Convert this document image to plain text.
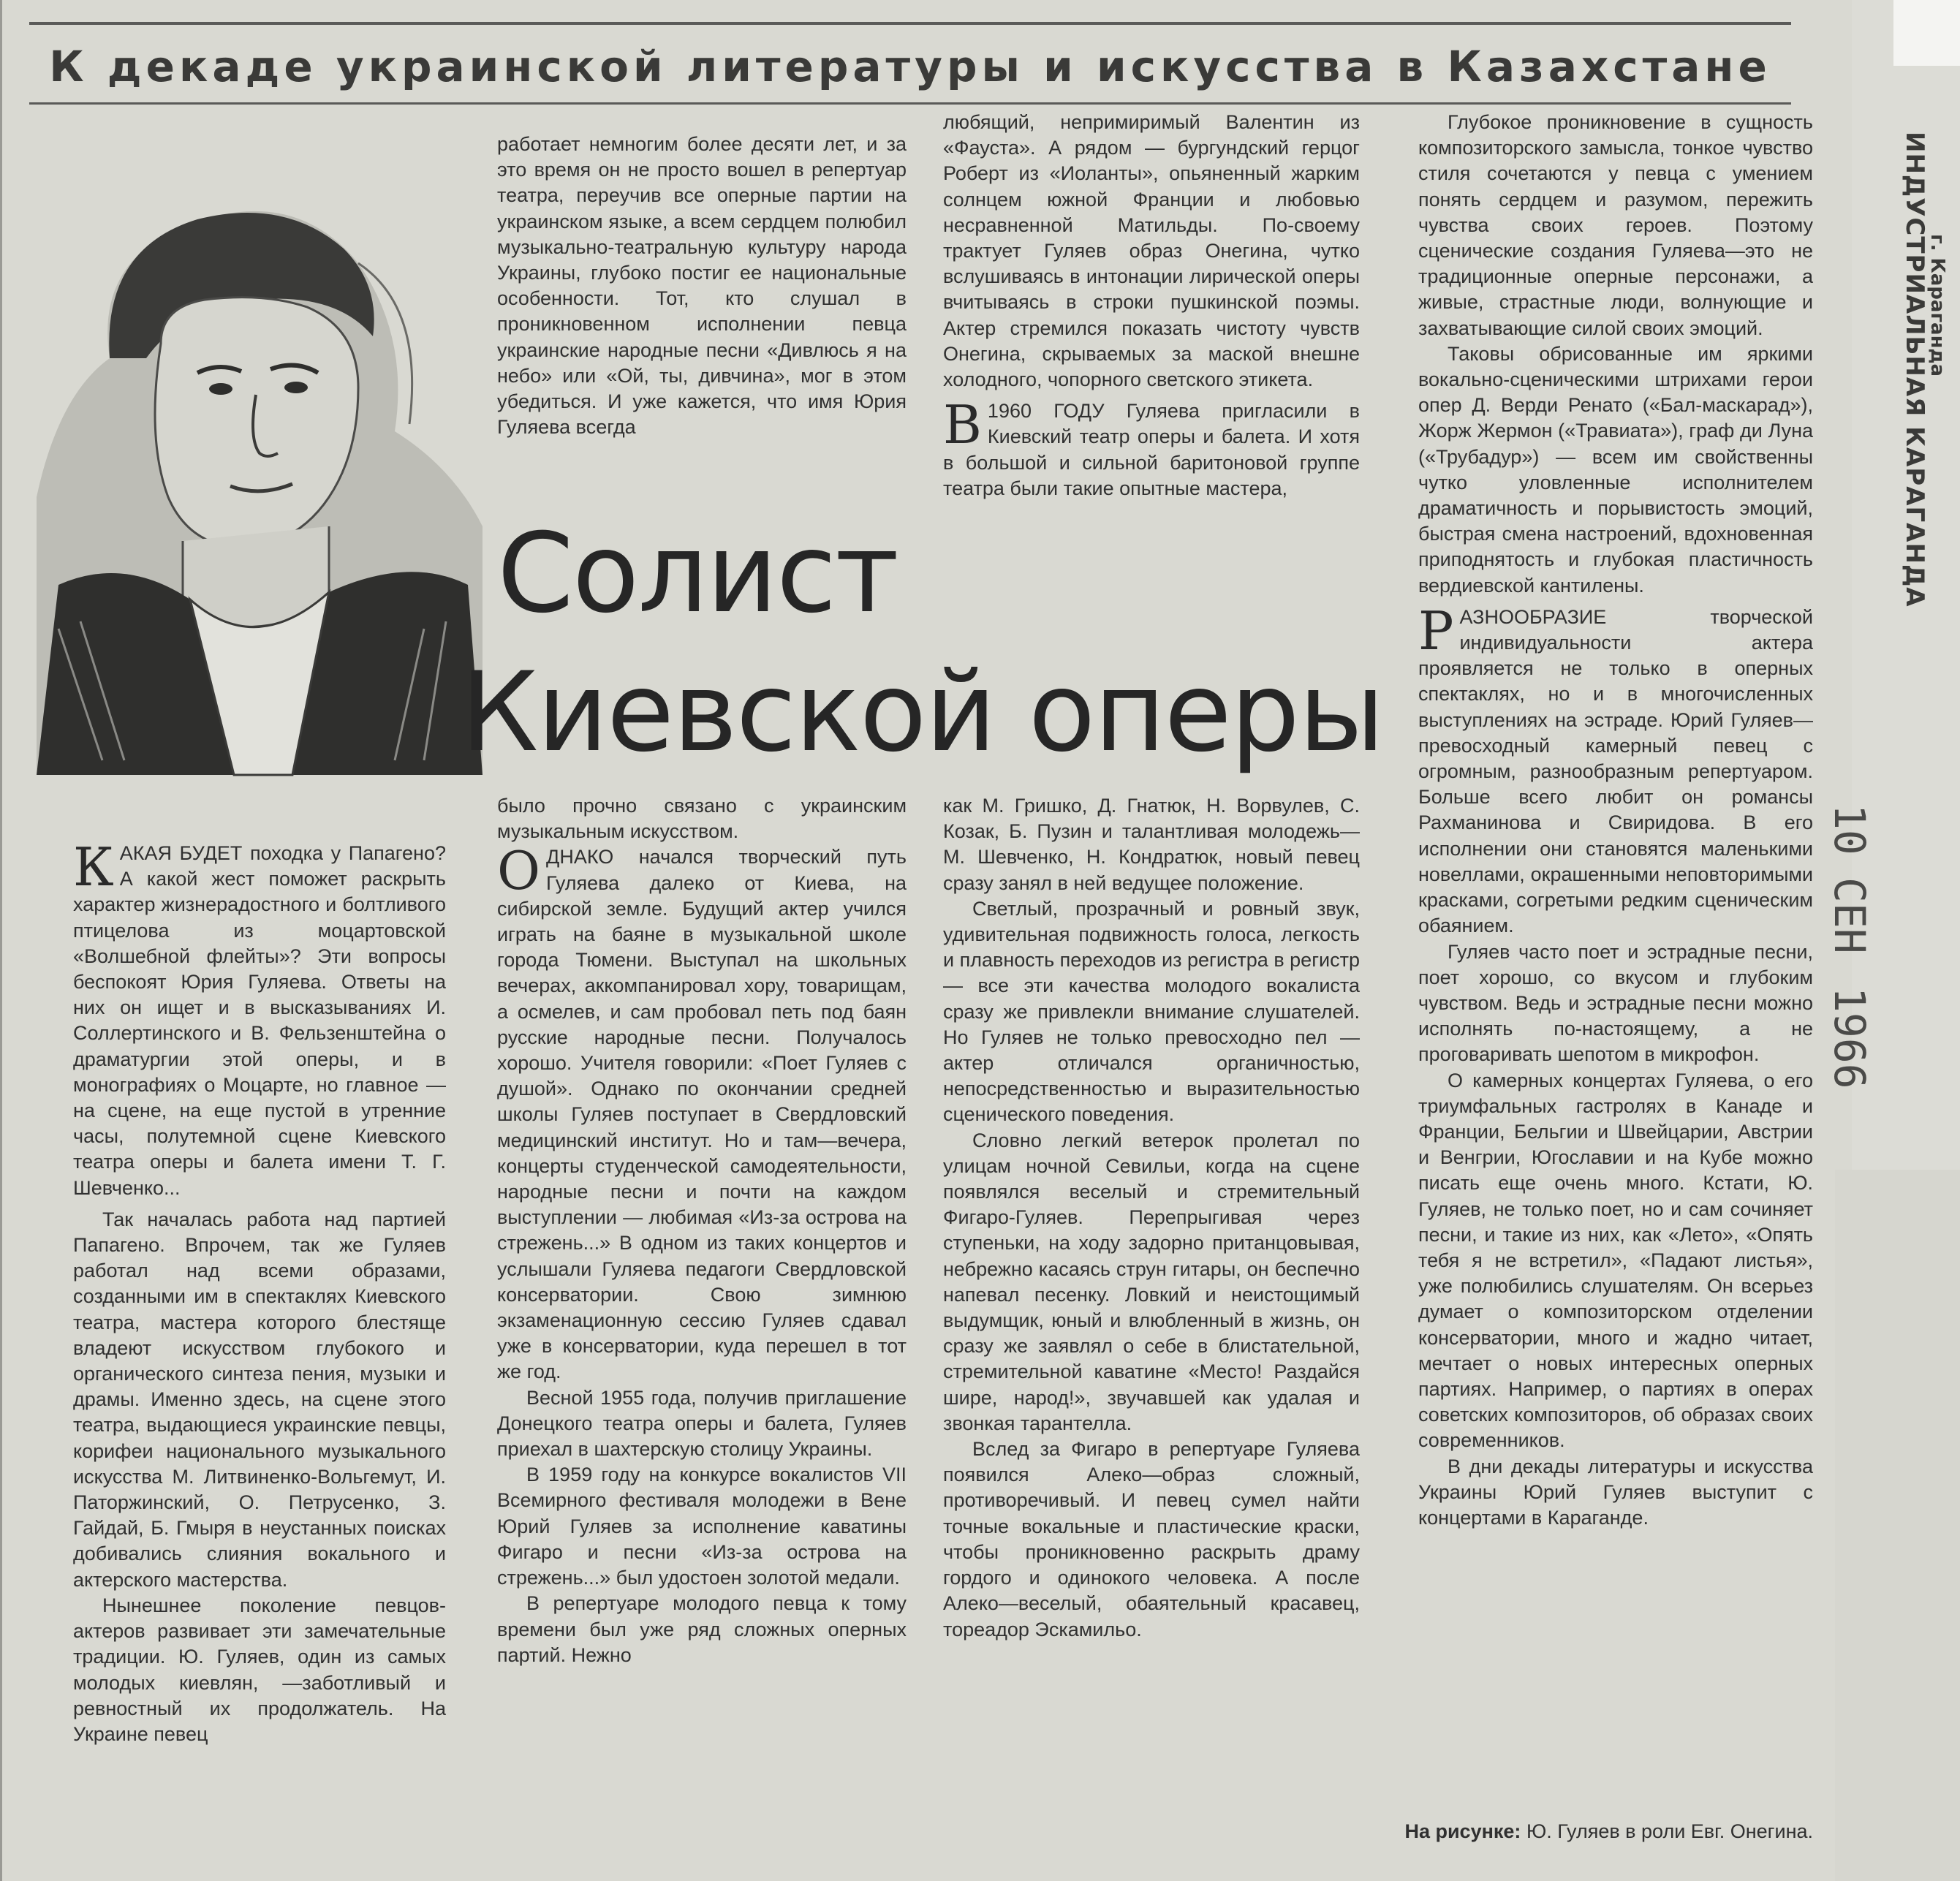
К декаде украинской литературы и искусства в Казахстане
Солист
Киевской оперы

КАКАЯ БУДЕТ походка у Папагено? А какой жест поможет раскрыть характер жизнерадостного и болтливого птицелова из моцартовской «Волшебной флейты»? Эти вопросы беспокоят Юрия Гуляева. Ответы на них он ищет и в высказываниях И. Соллертинского и В. Фельзенштейна о драматургии этой оперы, и в монографиях о Моцарте, но главное — на сцене, на еще пустой в утренние часы, полутемной сцене Киевского театра оперы и балета имени Т. Г. Шевченко...

Так началась работа над партией Папагено. Впрочем, так же Гуляев работал над всеми образами, созданными им в спектаклях Киевского театра, мастера которого блестяще владеют искусством глубокого и органического синтеза пения, музыки и драмы. Именно здесь, на сцене этого театра, выдающиеся украинские певцы, корифеи национального музыкального искусства М. Литвиненко-Вольгемут, И. Паторжинский, О. Петрусенко, З. Гайдай, Б. Гмыря в неустанных поисках добивались слияния вокального и актерского мастерства.

Нынешнее поколение певцов-актеров развивает эти замечательные традиции. Ю. Гуляев, один из самых молодых киевлян, —заботливый и ревностный их продолжатель. На Украине певец

работает немногим более десяти лет, и за это время он не просто вошел в репертуар театра, переучив все оперные партии на украинском языке, а всем сердцем полюбил музыкально-театральную культуру народа Украины, глубоко постиг ее национальные особенности. Тот, кто слушал в проникновенном исполнении певца украинские народные песни «Дивлюсь я на небо» или «Ой, ты, дивчина», мог в этом убедиться. И уже кажется, что имя Юрия Гуляева всегда

было прочно связано с украинским музыкальным искусством.

ОДНАКО начался творческий путь Гуляева далеко от Киева, на сибирской земле. Будущий актер учился играть на баяне в музыкальной школе города Тюмени. Выступал на школьных вечерах, аккомпанировал хору, товарищам, а осмелев, и сам пробовал петь под баян русские народные песни. Получалось хорошо. Учителя говорили: «Поет Гуляев с душой». Однако по окончании средней школы Гуляев поступает в Свердловский медицинский институт. Но и там—вечера, концерты студенческой самодеятельности, народные песни и почти на каждом выступлении — любимая «Из-за острова на стрежень...» В одном из таких концертов и услышали Гуляева педагоги Свердловской консерватории. Свою зимнюю экзаменационную сессию Гуляев сдавал уже в консерватории, куда перешел в тот же год.

Весной 1955 года, получив приглашение Донецкого театра оперы и балета, Гуляев приехал в шахтерскую столицу Украины.

В 1959 году на конкурсе вокалистов VII Всемирного фестиваля молодежи в Вене Юрий Гуляев за исполнение каватины Фигаро и песни «Из-за острова на стрежень...» был удостоен золотой медали.

В репертуаре молодого певца к тому времени был уже ряд сложных оперных партий. Нежно

любящий, непримиримый Валентин из «Фауста». А рядом — бургундский герцог Роберт из «Иоланты», опьяненный жарким солнцем южной Франции и любовью несравненной Матильды. По-своему трактует Гуляев образ Онегина, чутко вслушиваясь в интонации лирической оперы вчитываясь в строки пушкинской поэмы. Актер стремился показать чистоту чувств Онегина, скрываемых за маской внешне холодного, чопорного светского этикета.

В 1960 ГОДУ Гуляева пригласили в Киевский театр оперы и балета. И хотя в большой и сильной баритоновой группе театра были такие опытные мастера,

как М. Гришко, Д. Гнатюк, Н. Ворвулев, С. Козак, Б. Пузин и талантливая молодежь—М. Шевченко, Н. Кондратюк, новый певец сразу занял в ней ведущее положение.

Светлый, прозрачный и ровный звук, удивительная подвижность голоса, легкость и плавность переходов из регистра в регистр — все эти качества молодого вокалиста сразу же привлекли внимание слушателей. Но Гуляев не только превосходно пел —актер отличался органичностью, непосредственностью и выразительностью сценического поведения.

Словно легкий ветерок пролетал по улицам ночной Севильи, когда на сцене появлялся веселый и стремительный Фигаро-Гуляев. Перепрыгивая через ступеньки, на ходу задорно пританцовывая, небрежно касаясь струн гитары, он беспечно напевал песенку. Ловкий и неистощимый выдумщик, юный и влюбленный в жизнь, он сразу же заявлял о себе в блистательной, стремительной каватине «Место! Раздайся шире, народ!», звучавшей как удалая и звонкая тарантелла.

Вслед за Фигаро в репертуаре Гуляева появился Алеко—образ сложный, противоречивый. И певец сумел найти точные вокальные и пластические краски, чтобы проникновенно раскрыть драму гордого и одинокого человека. А после Алеко—веселый, обаятельный красавец, тореадор Эскамильо.

Глубокое проникновение в сущность композиторского замысла, тонкое чувство стиля сочетаются у певца с умением понять сердцем и разумом, пережить чувства своих героев. Поэтому сценические создания Гуляева—это не традиционные оперные персонажи, а живые, страстные люди, волнующие и захватывающие силой своих эмоций.

Таковы обрисованные им яркими вокально-сценическими штрихами герои опер Д. Верди Ренато («Бал-маскарад»), Жорж Жермон («Травиата»), граф ди Луна («Трубадур») — всем им свойственны чутко уловленные исполнителем драматичность и порывистость эмоций, быстрая смена настроений, вдохновенная приподнятость и глубокая пластичность вердиевской кантилены.

РАЗНООБРАЗИЕ творческой индивидуальности актера проявляется не только в оперных спектаклях, но и в многочисленных выступлениях на эстраде. Юрий Гуляев—превосходный камерный певец с огромным, разнообразным репертуаром. Больше всего любит он романсы Рахманинова и Свиридова. В его исполнении они становятся маленькими новеллами, окрашенными неповторимыми красками, согретыми редким сценическим обаянием.

Гуляев часто поет и эстрадные песни, поет хорошо, со вкусом и глубоким чувством. Ведь и эстрадные песни можно исполнять по-настоящему, а не проговаривать шепотом в микрофон.

О камерных концертах Гуляева, о его триумфальных гастролях в Канаде и Франции, Бельгии и Швейцарии, Австрии и Венгрии, Югославии и на Кубе можно писать еще очень много. Кстати, Ю. Гуляев, не только поет, но и сам сочиняет песни, и такие из них, как «Лето», «Опять тебя я не встретил», «Падают листья», уже полюбились слушателям. Он всерьез думает о композиторском отделении консерватории, много и жадно читает, мечтает о новых интересных оперных партиях. Например, о партиях в операх советских композиторов, об образах своих современников.

В дни декады литературы и искусства Украины Юрий Гуляев выступит с концертами в Караганде.

На рисунке: Ю. Гуляев в роли Евг. Онегина.
ИНДУСТРИАЛЬНАЯ КАРАГАНДА
г. Караганда
10
СЕН
1966
